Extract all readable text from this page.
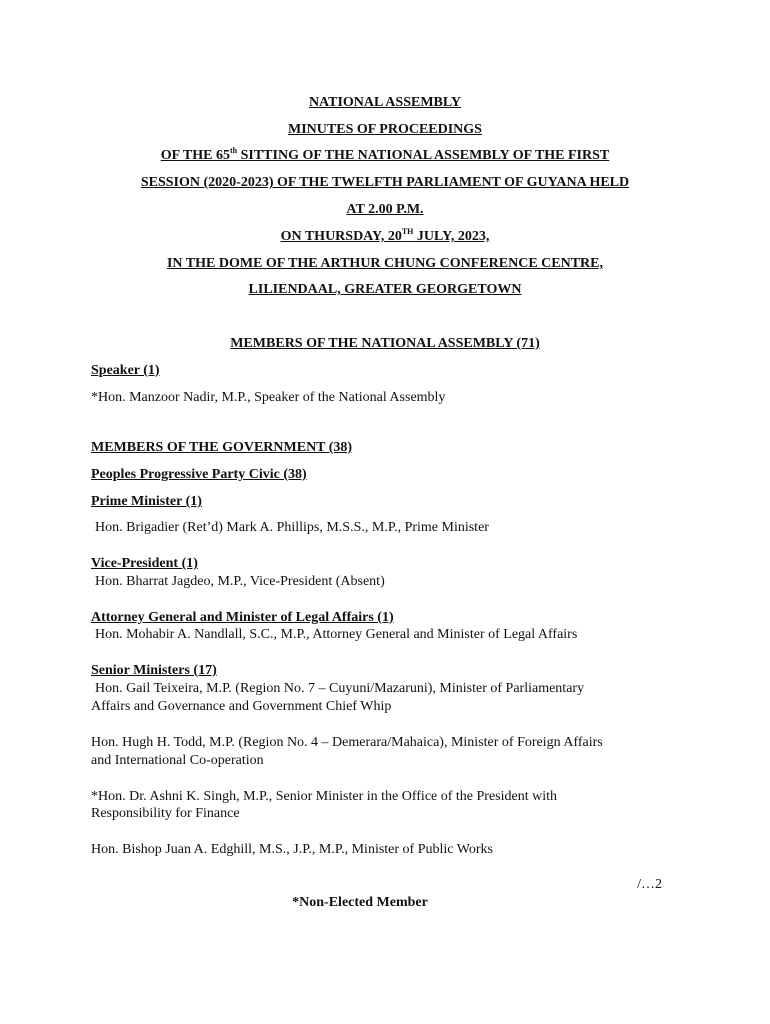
NATIONAL ASSEMBLY
MINUTES OF PROCEEDINGS
OF THE 65th SITTING OF THE NATIONAL ASSEMBLY OF THE FIRST
SESSION (2020-2023) OF THE TWELFTH PARLIAMENT OF GUYANA HELD
AT 2.00 P.M.
ON THURSDAY, 20TH JULY, 2023,
IN THE DOME OF THE ARTHUR CHUNG CONFERENCE CENTRE,
LILIENDAAL, GREATER GEORGETOWN
MEMBERS OF THE NATIONAL ASSEMBLY (71)
Speaker (1)
*Hon. Manzoor Nadir, M.P., Speaker of the National Assembly
MEMBERS OF THE GOVERNMENT (38)
Peoples Progressive Party Civic (38)
Prime Minister (1)
Hon. Brigadier (Ret’d) Mark A. Phillips, M.S.S., M.P., Prime Minister
Vice-President (1)
Hon. Bharrat Jagdeo, M.P., Vice-President (Absent)
Attorney General and Minister of Legal Affairs (1)
Hon. Mohabir A. Nandlall, S.C., M.P., Attorney General and Minister of Legal Affairs
Senior Ministers (17)
Hon. Gail Teixeira, M.P. (Region No. 7 – Cuyuni/Mazaruni), Minister of Parliamentary
Affairs and Governance and Government Chief Whip
Hon. Hugh H. Todd, M.P. (Region No. 4 – Demerara/Mahaica), Minister of Foreign Affairs
and International Co-operation
*Hon. Dr. Ashni K. Singh, M.P., Senior Minister in the Office of the President with
Responsibility for Finance
Hon. Bishop Juan A. Edghill, M.S., J.P., M.P., Minister of Public Works
/…2
*Non-Elected Member
